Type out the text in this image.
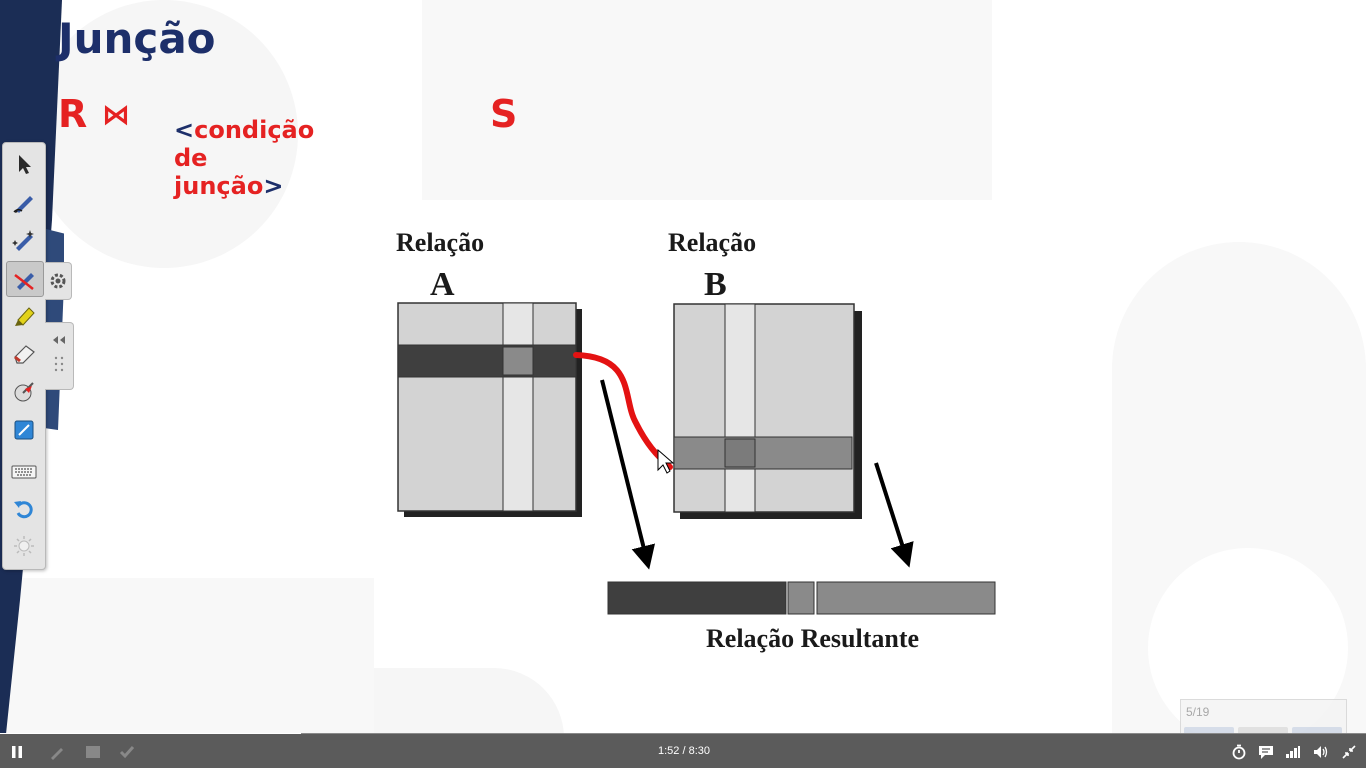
Junção
R ⋈ <condição de junção>
S
Relação
A
Relação
B
Relação Resultante
5/19
1:52 / 8:30
